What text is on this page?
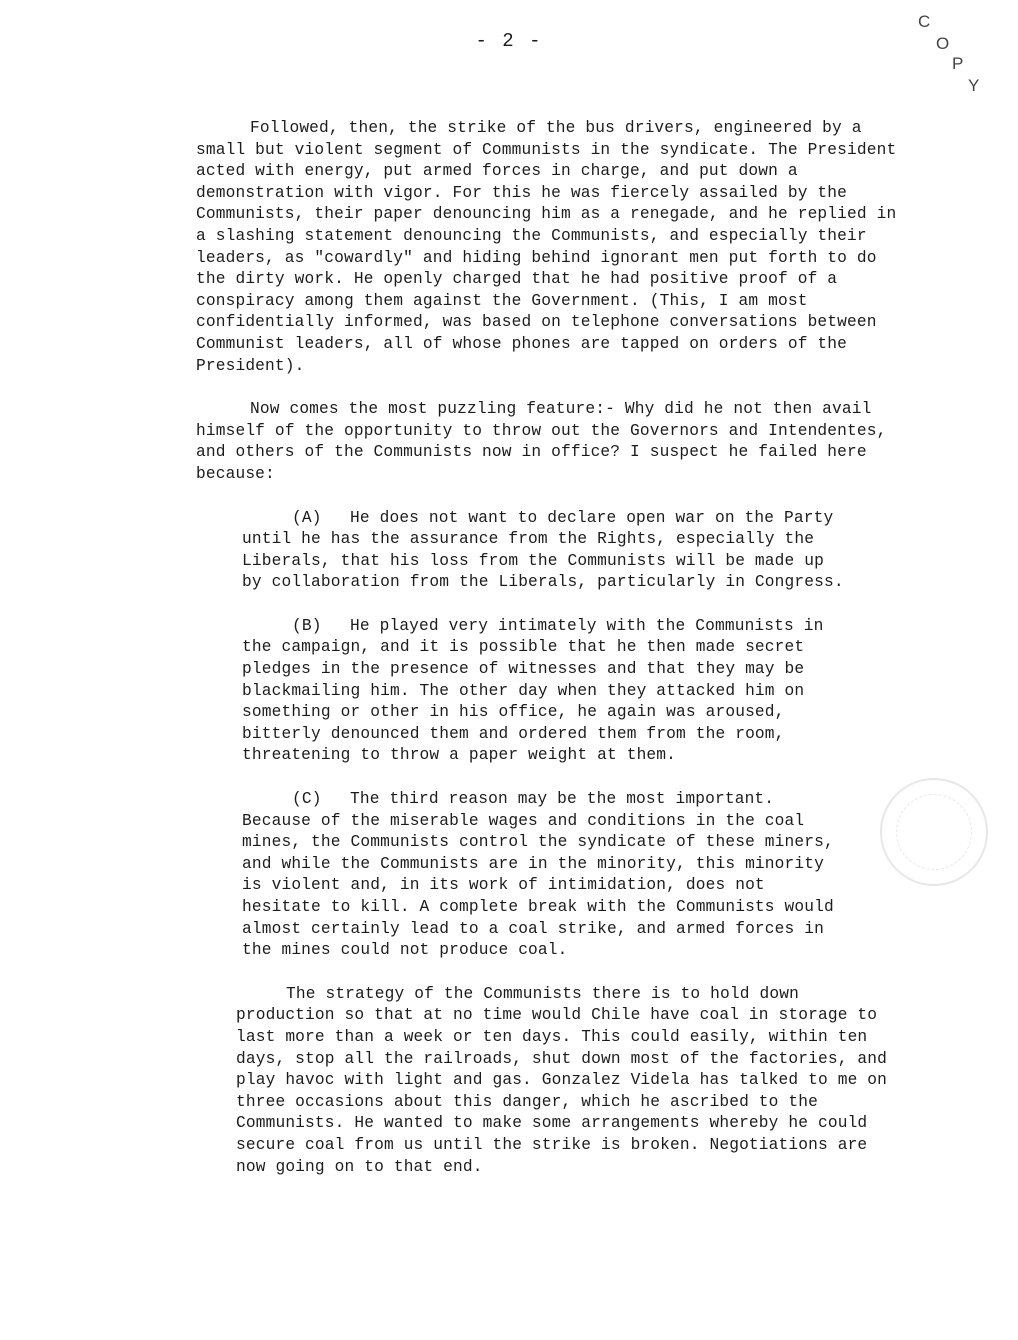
- 2 -
C
O
P
Y

Followed, then, the strike of the bus drivers, engineered by a small but violent segment of Communists in the syndicate. The President acted with energy, put armed forces in charge, and put down a demonstration with vigor. For this he was fiercely assailed by the Communists, their paper denouncing him as a renegade, and he replied in a slashing statement denouncing the Communists, and especially their leaders, as "cowardly" and hiding behind ignorant men put forth to do the dirty work. He openly charged that he had positive proof of a conspiracy among them against the Government. (This, I am most confidentially informed, was based on telephone conversations between Communist leaders, all of whose phones are tapped on orders of the President).

Now comes the most puzzling feature:- Why did he not then avail himself of the opportunity to throw out the Governors and Intendentes, and others of the Communists now in office? I suspect he failed here because:

(A) He does not want to declare open war on the Party until he has the assurance from the Rights, especially the Liberals, that his loss from the Communists will be made up by collaboration from the Liberals, particularly in Congress.

(B) He played very intimately with the Communists in the campaign, and it is possible that he then made secret pledges in the presence of witnesses and that they may be blackmailing him. The other day when they attacked him on something or other in his office, he again was aroused, bitterly denounced them and ordered them from the room, threatening to throw a paper weight at them.

(C) The third reason may be the most important. Because of the miserable wages and conditions in the coal mines, the Communists control the syndicate of these miners, and while the Communists are in the minority, this minority is violent and, in its work of intimidation, does not hesitate to kill. A complete break with the Communists would almost certainly lead to a coal strike, and armed forces in the mines could not produce coal.

The strategy of the Communists there is to hold down production so that at no time would Chile have coal in storage to last more than a week or ten days. This could easily, within ten days, stop all the railroads, shut down most of the factories, and play havoc with light and gas. Gonzalez Videla has talked to me on three occasions about this danger, which he ascribed to the Communists. He wanted to make some arrangements whereby he could secure coal from us until the strike is broken. Negotiations are now going on to that end.
